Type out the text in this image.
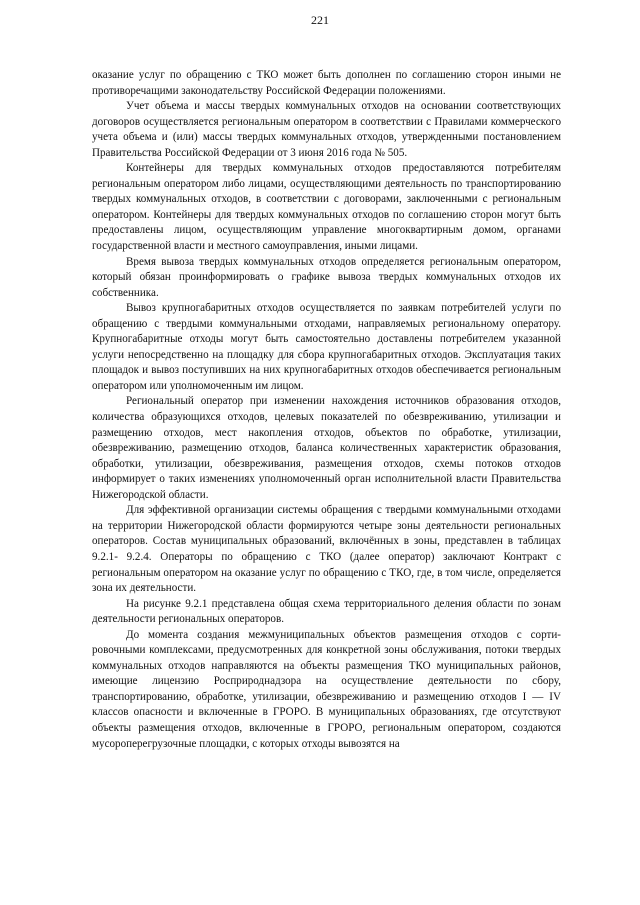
221

оказание услуг по обращению с ТКО может быть дополнен по соглашению сторон иными не противоречащими законодательству Российской Федерации положениями.

Учет объема и массы твердых коммунальных отходов на основании соответствующих договоров осуществляется региональным оператором в соответствии с Правилами коммерческого учета объема и (или) массы твердых коммунальных отходов, утвержденными постановлением Правительства Российской Федерации от 3 июня 2016 года № 505.

Контейнеры для твердых коммунальных отходов предоставляются потребителям региональным оператором либо лицами, осуществляющими деятельность по транспортированию твердых коммунальных отходов, в соответствии с договорами, заключенными с региональным оператором. Контейнеры для твердых коммунальных отходов по соглашению сторон могут быть предоставлены лицом, осуществляющим управление многоквартирным домом, органами государственной власти и местного самоуправления, иными лицами.

Время вывоза твердых коммунальных отходов определяется региональным оператором, который обязан проинформировать о графике вывоза твердых коммунальных отходов их собственника.

Вывоз крупногабаритных отходов осуществляется по заявкам потребителей услуги по обращению с твердыми коммунальными отходами, направляемых региональному оператору. Крупногабаритные отходы могут быть самостоятельно доставлены потребителем указанной услуги непосредственно на площадку для сбора крупногабаритных отходов. Эксплуатация таких площадок и вывоз поступивших на них крупногабаритных отходов обеспечивается региональным оператором или уполномоченным им лицом.

Региональный оператор при изменении нахождения источников образования отходов, количества образующихся отходов, целевых показателей по обезвреживанию, утилизации и размещению отходов, мест накопления отходов, объектов по обработке, утилизации, обезвреживанию, размещению отходов, баланса количественных характеристик образования, обработки, утилизации, обезвреживания, размещения отходов, схемы потоков отходов информирует о таких изменениях уполномоченный орган исполнительной власти Правительства Нижегородской области.

Для эффективной организации системы обращения с твердыми коммунальными отходами на территории Нижегородской области формируются четыре зоны деятельности региональных операторов. Состав муниципальных образований, включённых в зоны, представлен в таблицах 9.2.1- 9.2.4. Операторы по обращению с ТКО (далее оператор) заключают Контракт с региональным оператором на оказание услуг по обращению с ТКО, где, в том числе, определяется зона их деятельности.

На рисунке 9.2.1 представлена общая схема территориального деления области по зонам деятельности региональных операторов.

До момента создания межмуниципальных объектов размещения отходов с сортировочными комплексами, предусмотренных для конкретной зоны обслуживания, потоки твердых коммунальных отходов направляются на объекты размещения ТКО муниципальных районов, имеющие лицензию Росприроднадзора на осуществление деятельности по сбору, транспортированию, обработке, утилизации, обезвреживанию и размещению отходов I — IV классов опасности и включенные в ГРОРО. В муниципальных образованиях, где отсутствуют объекты размещения отходов, включенные в ГРОРО, региональным оператором, создаются мусороперегрузочные площадки, с которых отходы вывозятся на
